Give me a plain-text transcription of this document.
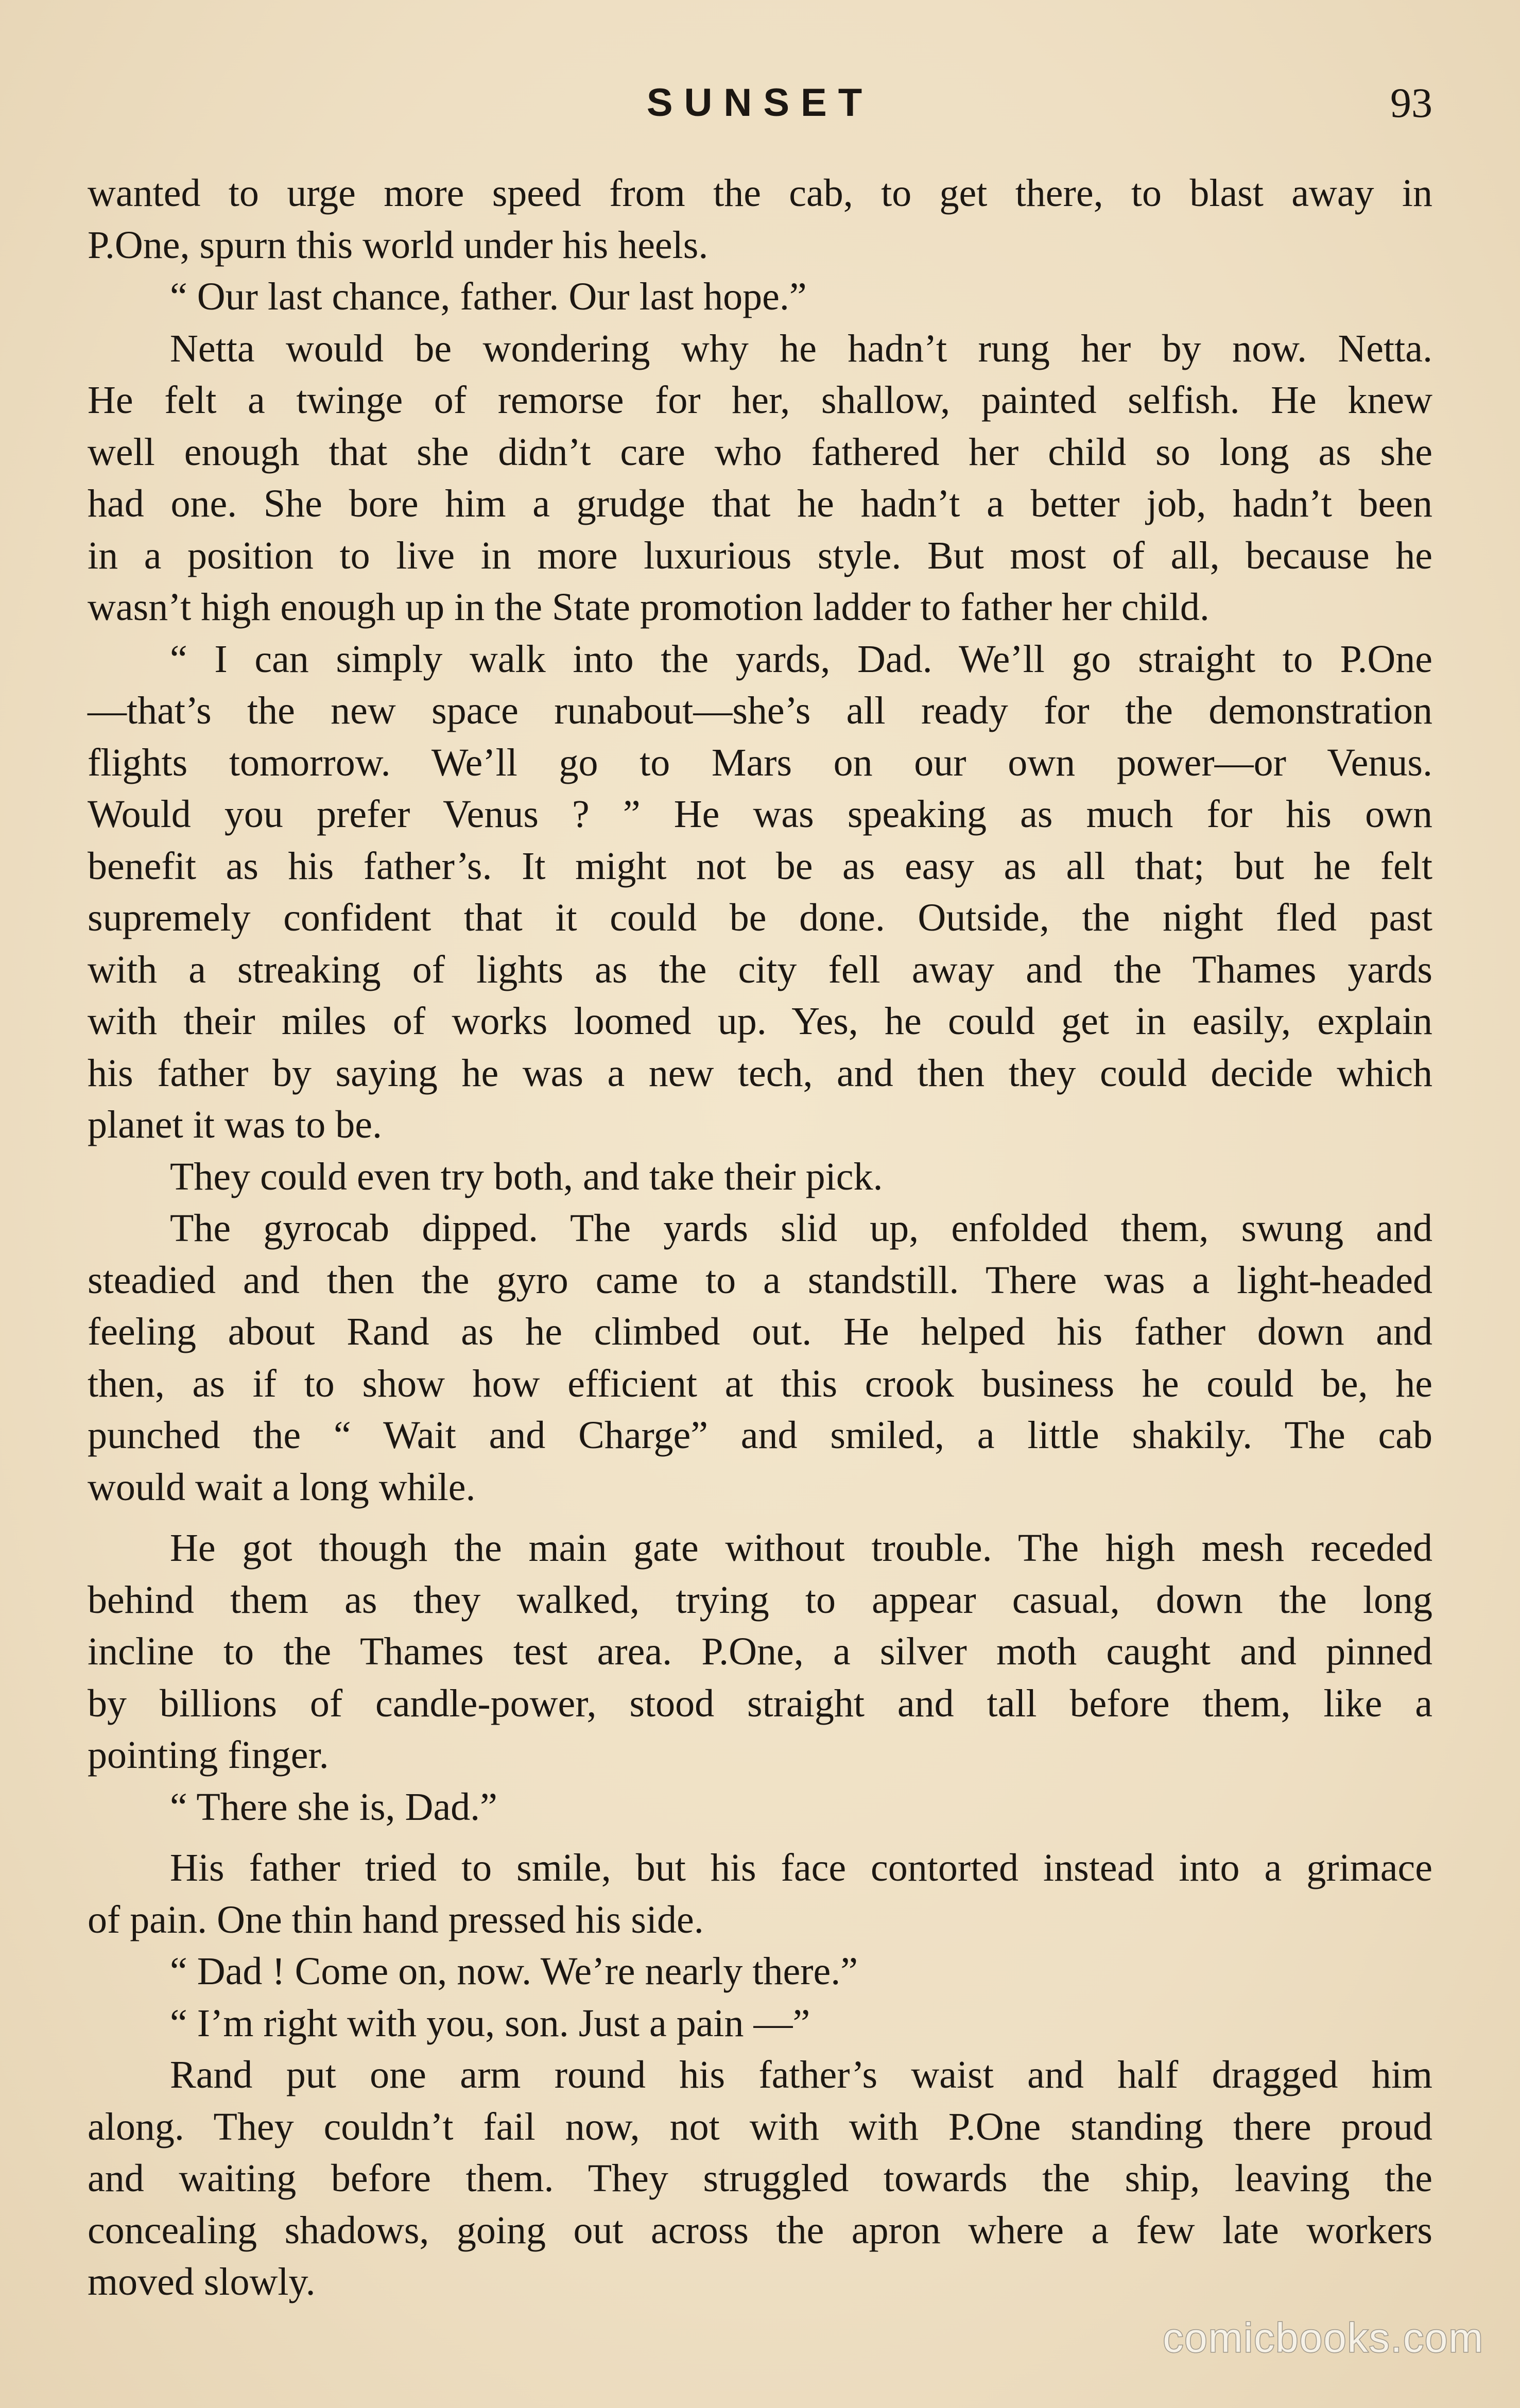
SUNSET	93

wanted to urge more speed from the cab, to get there, to blast away in
P.One, spurn this world under his heels.

“ Our last chance, father. Our last hope.”

Netta would be wondering why he hadn’t rung her by now. Netta.
He felt a twinge of remorse for her, shallow, painted selfish. He knew
well enough that she didn’t care who fathered her child so long as she
had one. She bore him a grudge that he hadn’t a better job, hadn’t been
in a position to live in more luxurious style. But most of all, because he
wasn’t high enough up in the State promotion ladder to father her child.

“ I can simply walk into the yards, Dad. We’ll go straight to P.One
—that’s the new space runabout—she’s all ready for the demonstration
flights tomorrow. We’ll go to Mars on our own power—or Venus.
Would you prefer Venus ? ” He was speaking as much for his own
benefit as his father’s. It might not be as easy as all that; but he felt
supremely confident that it could be done. Outside, the night fled past
with a streaking of lights as the city fell away and the Thames yards
with their miles of works loomed up. Yes, he could get in easily, explain
his father by saying he was a new tech, and then they could decide which
planet it was to be.

They could even try both, and take their pick.

The gyrocab dipped. The yards slid up, enfolded them, swung and
steadied and then the gyro came to a standstill. There was a light-headed
feeling about Rand as he climbed out. He helped his father down and
then, as if to show how efficient at this crook business he could be, he
punched the “ Wait and Charge” and smiled, a little shakily. The cab
would wait a long while.

He got though the main gate without trouble. The high mesh receded
behind them as they walked, trying to appear casual, down the long
incline to the Thames test area. P.One, a silver moth caught and pinned
by billions of candle-power, stood straight and tall before them, like a
pointing finger.

“ There she is, Dad.”

His father tried to smile, but his face contorted instead into a grimace
of pain. One thin hand pressed his side.

“ Dad ! Come on, now. We’re nearly there.”

“ I’m right with you, son. Just a pain —”

Rand put one arm round his father’s waist and half dragged him
along. They couldn’t fail now, not with with P.One standing there proud
and waiting before them. They struggled towards the ship, leaving the
concealing shadows, going out across the apron where a few late workers
moved slowly.

comicbooks.com
